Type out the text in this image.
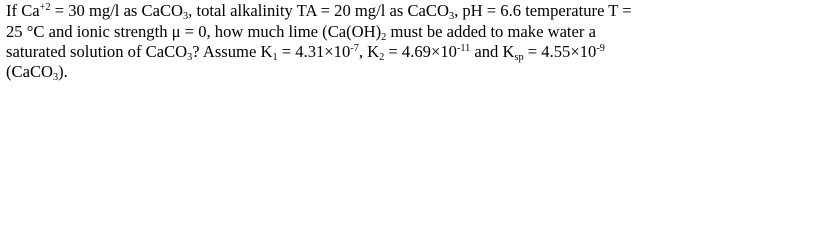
If $Ca^{+2} = 30$ mg/l as CaCO$_3$, total alkalinity TA = 20 mg/l as CaCO$_3$, pH = 6.6 temperature T =
25 °C and ionic strength μ = 0, how much lime ($Ca(OH)_2$ must be added to make water a
saturated solution of CaCO$_3$? Assume $K_1 = 4.31\times 10^{-7}$, $K_2 = 4.69\times 10^{-11}$ and $K_{sp} = 4.55\times 10^{-9}$
(CaCO$_3$).
